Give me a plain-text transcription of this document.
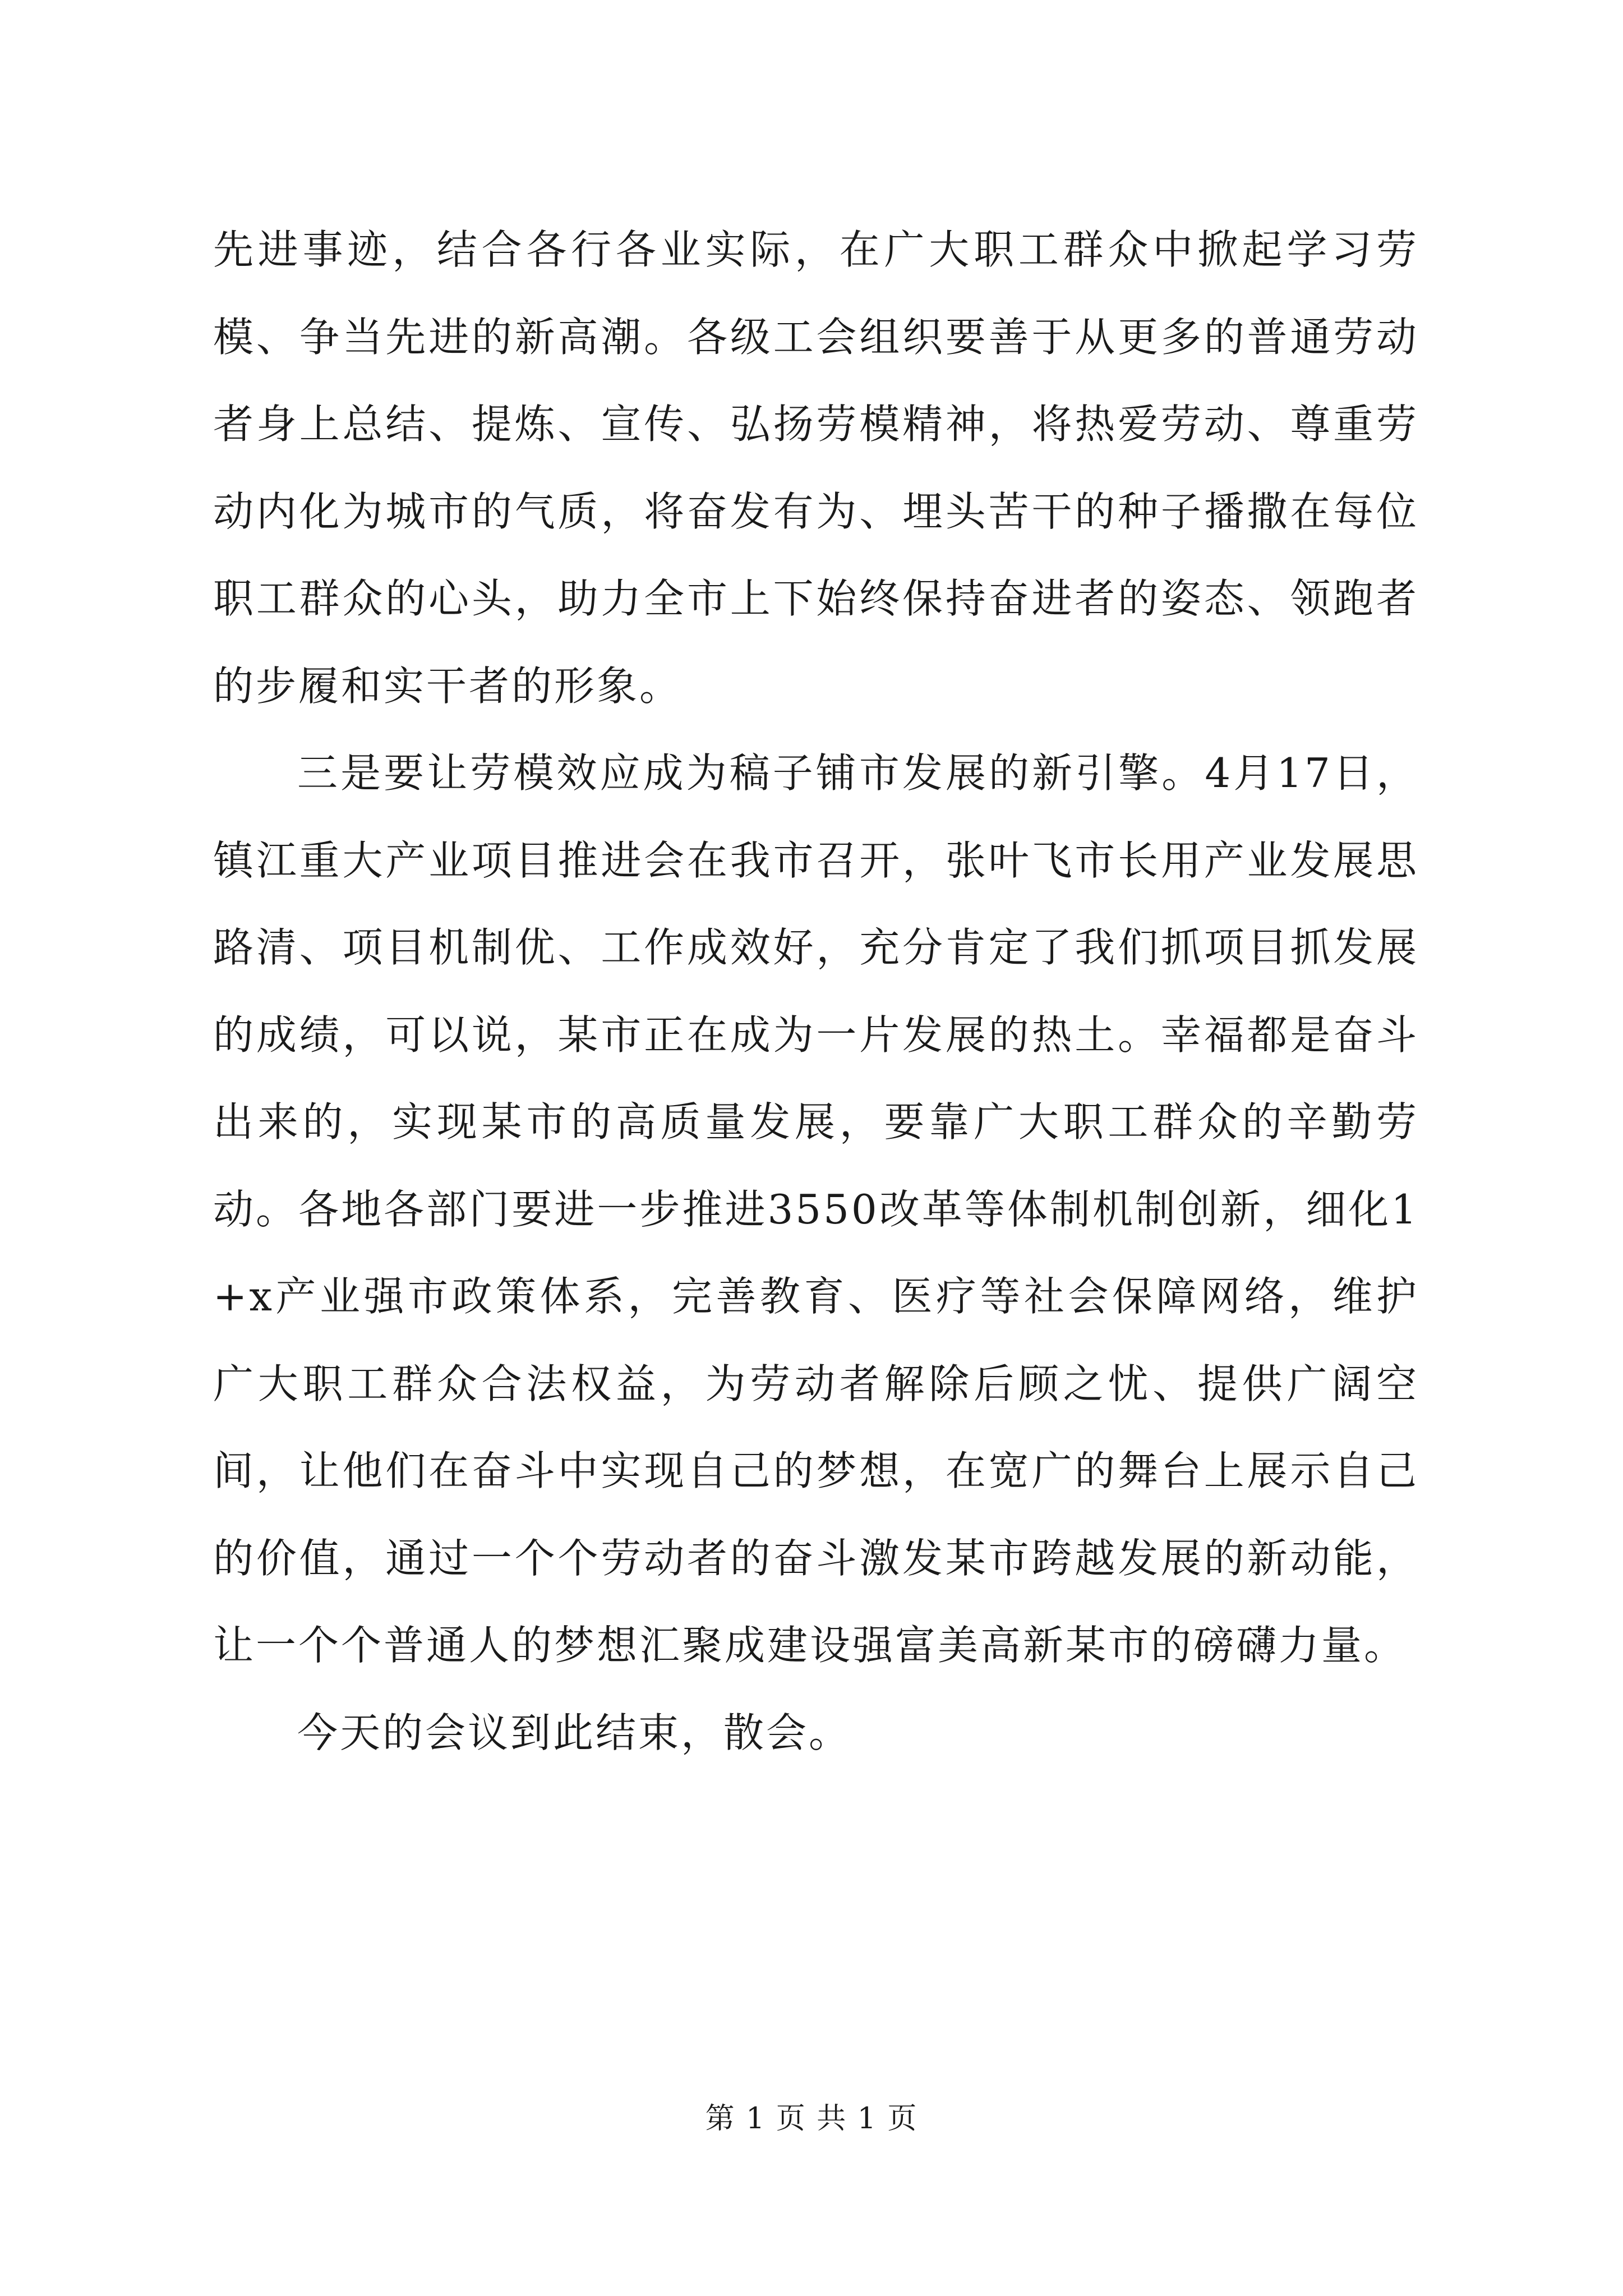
先进事迹，结合各行各业实际，在广大职工群众中掀起学习劳模、争当先进的新高潮。各级工会组织要善于从更多的普通劳动者身上总结、提炼、宣传、弘扬劳模精神，将热爱劳动、尊重劳动内化为城市的气质，将奋发有为、埋头苦干的种子播撒在每位职工群众的心头，助力全市上下始终保持奋进者的姿态、领跑者的步履和实干者的形象。

三是要让劳模效应成为稿子铺市发展的新引擎。4月17日，镇江重大产业项目推进会在我市召开，张叶飞市长用产业发展思路清、项目机制优、工作成效好，充分肯定了我们抓项目抓发展的成绩，可以说，某市正在成为一片发展的热土。幸福都是奋斗出来的，实现某市的高质量发展，要靠广大职工群众的辛勤劳动。各地各部门要进一步推进3550改革等体制机制创新，细化1+x产业强市政策体系，完善教育、医疗等社会保障网络，维护广大职工群众合法权益，为劳动者解除后顾之忧、提供广阔空间，让他们在奋斗中实现自己的梦想，在宽广的舞台上展示自己的价值，通过一个个劳动者的奋斗激发某市跨越发展的新动能，让一个个普通人的梦想汇聚成建设强富美高新某市的磅礴力量。

今天的会议到此结束，散会。

第 1 页 共 1 页
